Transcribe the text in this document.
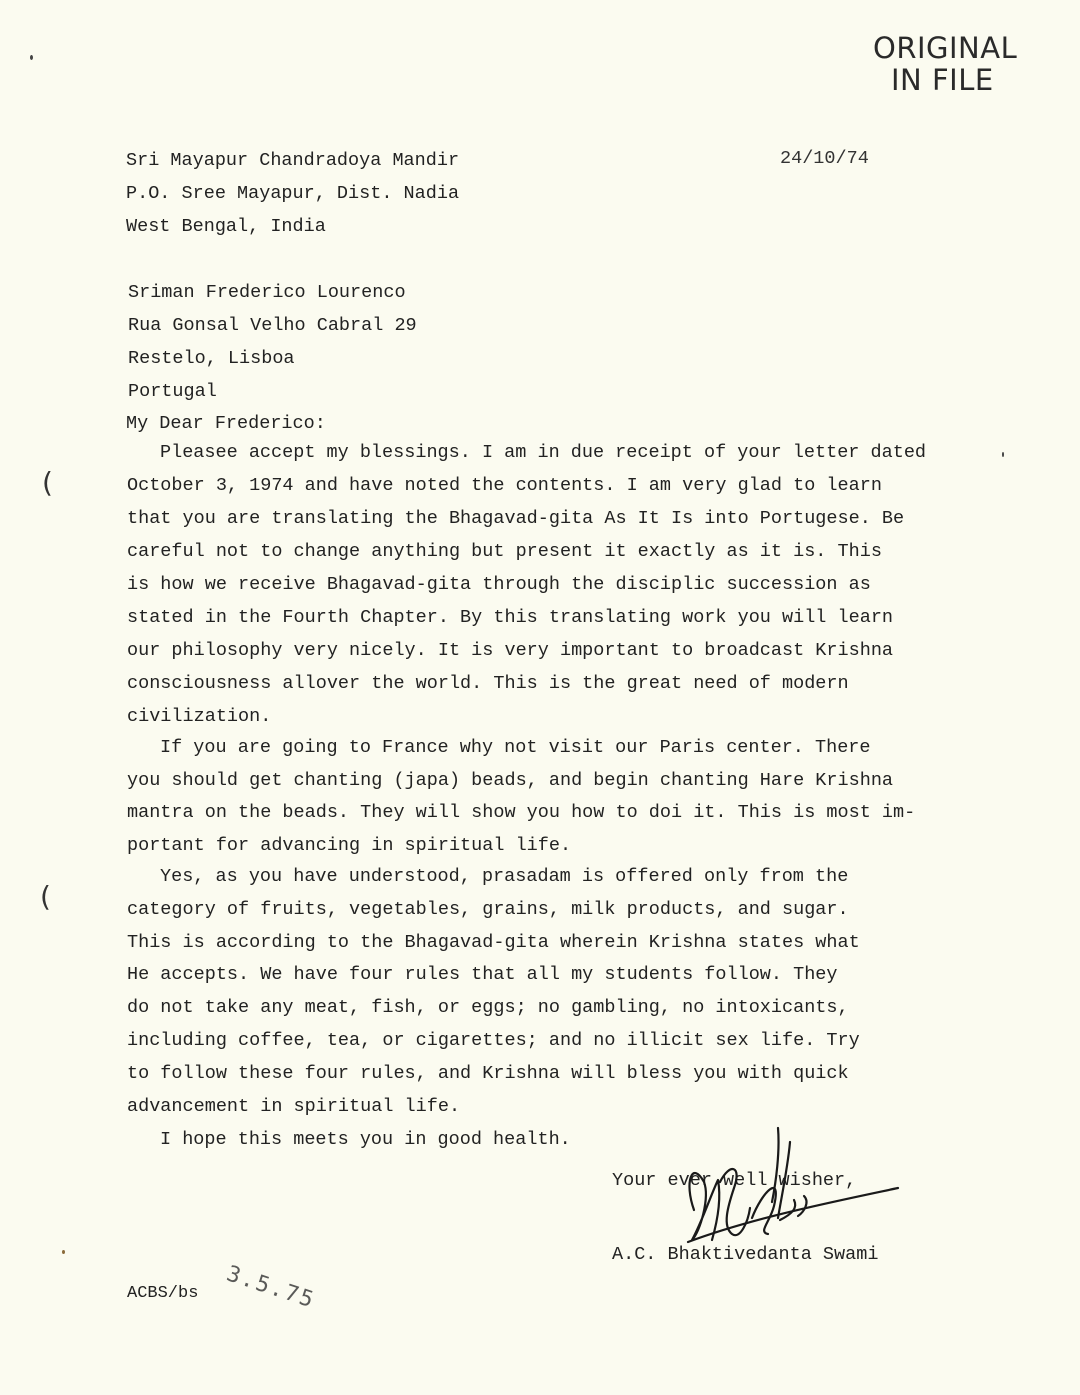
ORIGINAL
IN FILE
24/10/74
Sri Mayapur Chandradoya Mandir
P.O. Sree Mayapur, Dist. Nadia
West Bengal, India
Sriman Frederico Lourenco
Rua Gonsal Velho Cabral 29
Restelo, Lisboa
Portugal
My Dear Frederico:
Pleasee accept my blessings. I am in due receipt of your letter dated
October 3, 1974 and have noted the contents. I am very glad to learn
that you are translating the Bhagavad-gita As It Is into Portugese. Be
careful not to change anything but present it exactly as it is. This
is how we receive Bhagavad-gita through the disciplic succession as
stated in the Fourth Chapter. By this translating work you will learn
our philosophy very nicely. It is very important to broadcast Krishna
consciousness allover the world. This is the great need of modern
civilization.
If you are going to France why not visit our Paris center. There
you should get chanting (japa) beads, and begin chanting Hare Krishna
mantra on the beads. They will show you how to doi it. This is most im-
portant for advancing in spiritual life.
Yes, as you have understood, prasadam is offered only from the
category of fruits, vegetables, grains, milk products, and sugar.
This is according to the Bhagavad-gita wherein Krishna states what
He accepts. We have four rules that all my students follow. They
do not take any meat, fish, or eggs; no gambling, no intoxicants,
including coffee, tea, or cigarettes; and no illicit sex life. Try
to follow these four rules, and Krishna will bless you with quick
advancement in spiritual life.
I hope this meets you in good health.
Your ever well wisher,
A.C. Bhaktivedanta Swami
ACBS/bs 3.5.75
(
(
